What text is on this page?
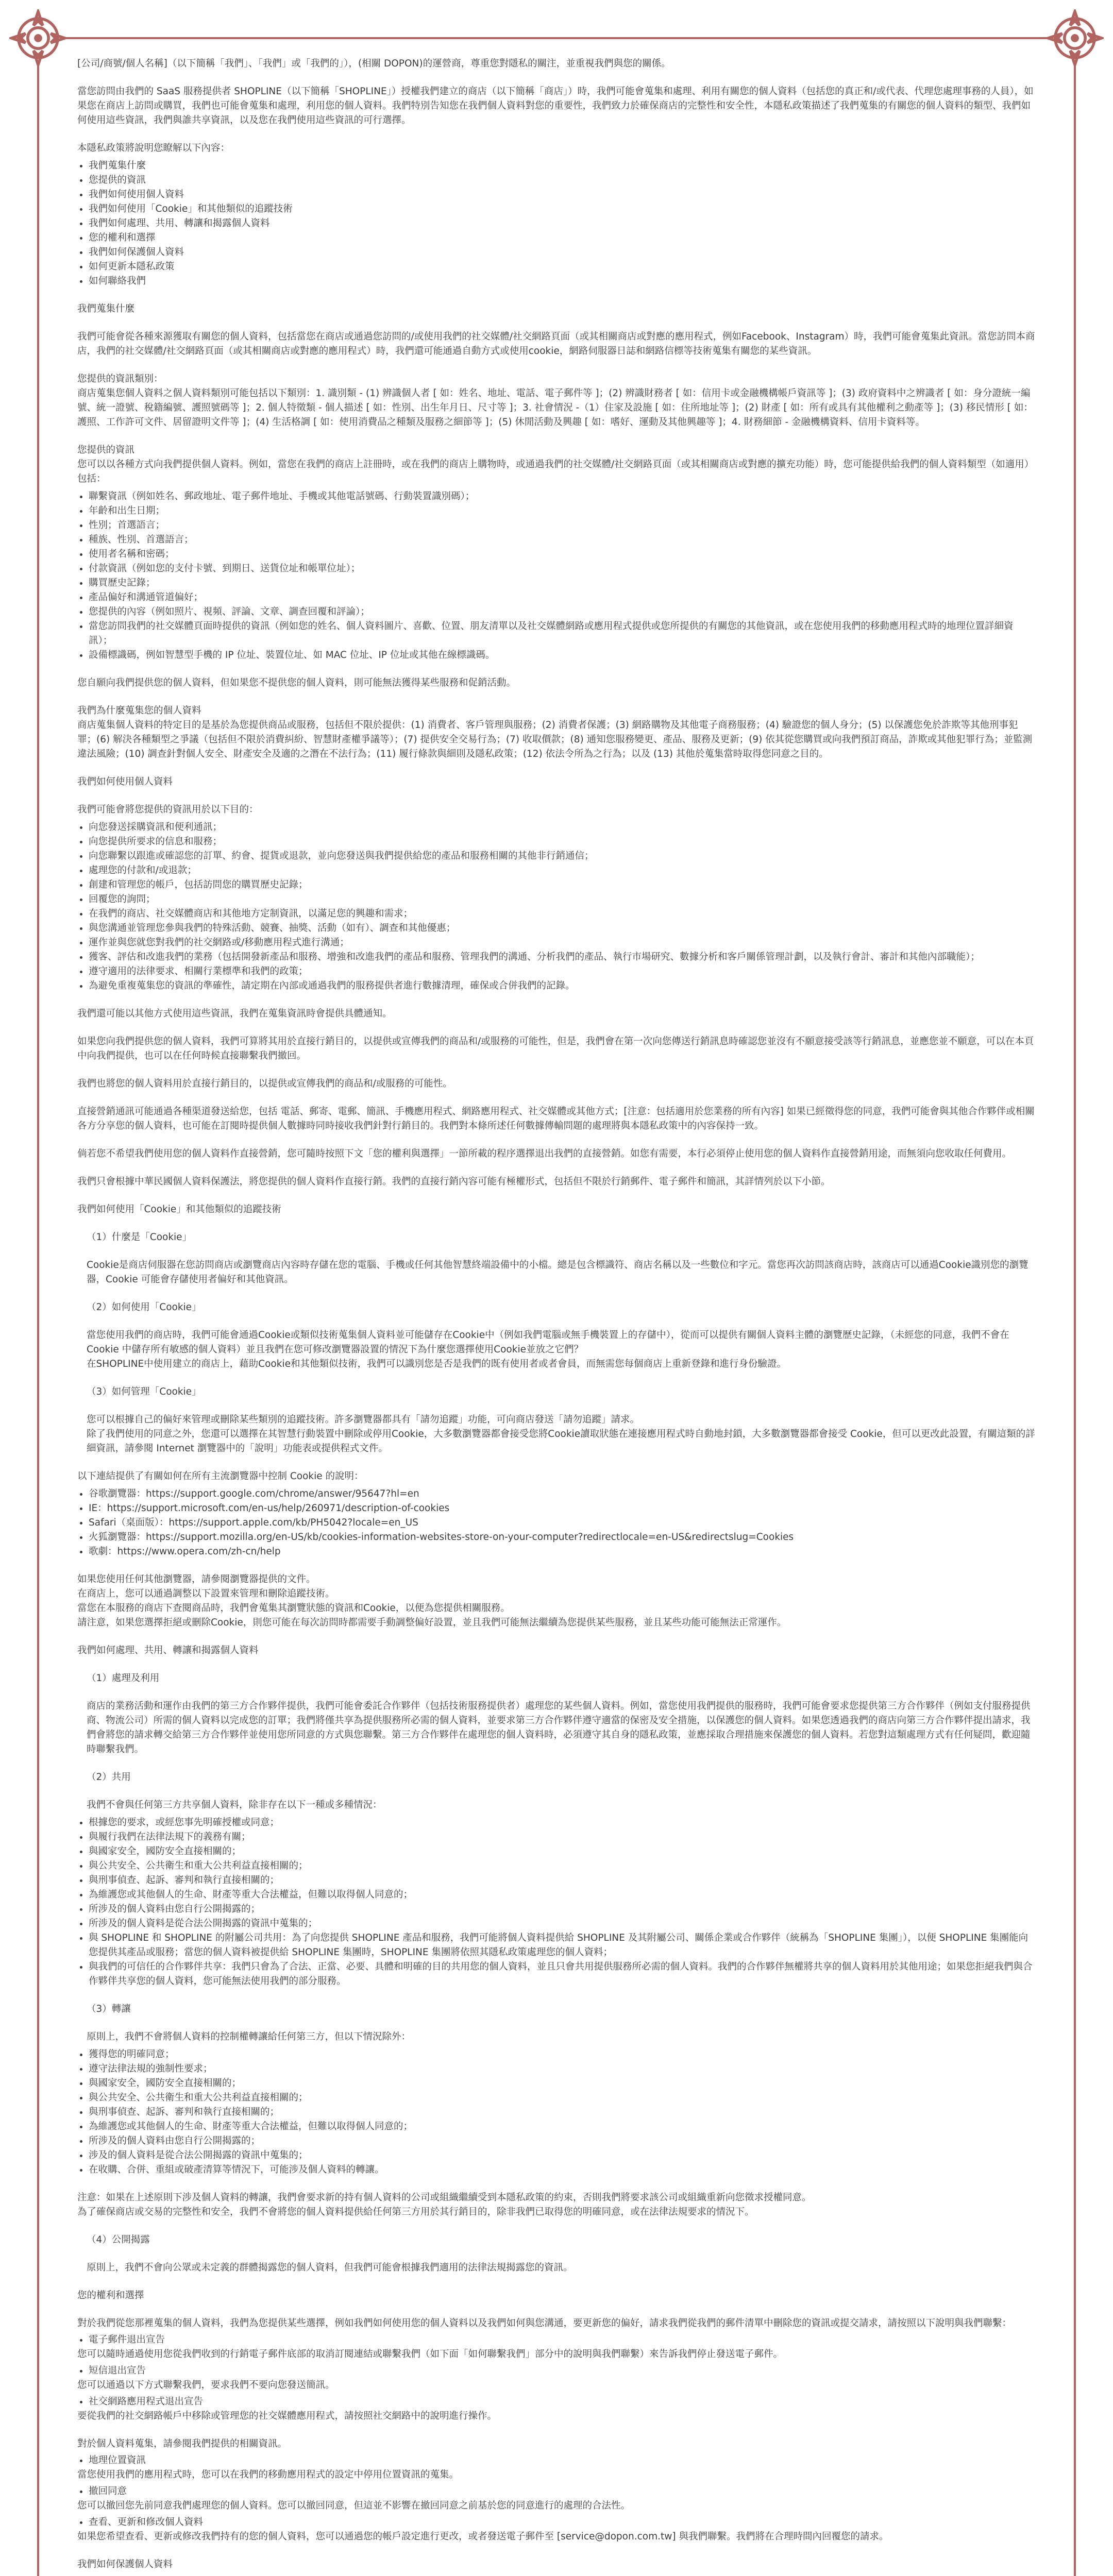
[公司/商號/個人名稱]（以下簡稱「我們」、「我們」或「我們的」），(相關 DOPON)的運營商，尊重您對隱私的關注，並重視我們與您的關係。

當您訪問由我們的 SaaS 服務提供者 SHOPLINE（以下簡稱「SHOPLINE」）授權我們建立的商店（以下簡稱「商店」）時，我們可能會蒐集和處理、利用有關您的個人資料（包括您的真正和/或代表、代理您處理事務的人員），如果您在商店上訪問或購買，我們也可能會蒐集和處理，利用您的個人資料。我們特別告知您在我們個人資料對您的重要性，我們致力於確保商店的完整性和安全性，本隱私政策描述了我們蒐集的有關您的個人資料的類型、我們如何使用這些資訊，我們與誰共享資訊，以及您在我們使用這些資訊的可行選擇。

本隱私政策將說明您瞭解以下內容：

• 我們蒐集什麼
• 您提供的資訊
• 我們如何使用個人資料
• 我們如何使用「Cookie」和其他類似的追蹤技術
• 我們如何處理、共用、轉讓和揭露個人資料
• 您的權利和選擇
• 我們如何保護個人資料
• 如何更新本隱私政策
• 如何聯絡我們

我們蒐集什麼

我們可能會從各種來源獲取有關您的個人資料，包括當您在商店或通過您訪問的/或使用我們的社交媒體/社交網路頁面（或其相關商店或對應的應用程式，例如Facebook、Instagram）時，我們可能會蒐集此資訊。當您訪問本商店，我們的社交媒體/社交網路頁面（或其相關商店或對應的應用程式）時，我們還可能通過自動方式或使用cookie，網路伺服器日誌和網路信標等技術蒐集有關您的某些資訊。

您提供的資訊類別：
商店蒐集您個人資料之個人資料類別可能包括以下類別：1. 識別類 - (1) 辨識個人者 [ 如：姓名、地址、電話、電子郵件等 ]；(2) 辨識財務者 [ 如：信用卡或金融機構帳戶資訊等 ]；(3) 政府資料中之辨識者 [ 如：身分證統一編號、統一證號、稅籍編號、護照號碼等 ]；2. 個人特徵類 - 個人描述 [ 如：性別、出生年月日、尺寸等 ]；3. 社會情況 -（1）住家及設施 [ 如：住所地址等 ]；(2) 財產 [ 如：所有或具有其他權利之動產等 ]；(3) 移民情形 [ 如：護照、工作許可文件、居留證明文件等 ]；(4) 生活格調 [ 如：使用消費品之種類及服務之細節等 ]；(5) 休閒活動及興趣 [ 如：嗜好、運動及其他興趣等 ]；4. 財務細節 - 金融機構資料、信用卡資料等。

您提供的資訊
您可以以各種方式向我們提供個人資料。例如，當您在我們的商店上註冊時，或在我們的商店上購物時，或通過我們的社交媒體/社交網路頁面（或其相關商店或對應的擴充功能）時，您可能提供給我們的個人資料類型（如適用）包括：

• 聯繫資訊（例如姓名、郵政地址、電子郵件地址、手機或其他電話號碼、行動裝置識別碼）；
• 年齡和出生日期；
• 性別；首選語言；
• 種族、性別、首選語言；
• 使用者名稱和密碼；
• 付款資訊（例如您的支付卡號、到期日、送貨位址和帳單位址）；
• 購買歷史記錄；
• 產品偏好和溝通管道偏好；
• 您提供的內容（例如照片、視頻、評論、文章、調查回覆和評論）；
• 當您訪問我們的社交媒體頁面時提供的資訊（例如您的姓名、個人資料圖片、喜歡、位置、朋友清單以及社交媒體網路或應用程式提供或您所提供的有關您的其他資訊，或在您使用我們的移動應用程式時的地理位置詳細資訊）；
• 設備標識碼，例如智慧型手機的 IP 位址、裝置位址、如 MAC 位址、IP 位址或其他在線標識碼。

您自願向我們提供您的個人資料，但如果您不提供您的個人資料，則可能無法獲得某些服務和促銷活動。

我們為什麼蒐集您的個人資料
商店蒐集個人資料的特定目的是基於為您提供商品或服務，包括但不限於提供：(1) 消費者、客戶管理與服務；(2) 消費者保護；(3) 網路購物及其他電子商務服務；(4) 驗證您的個人身分；(5) 以保護您免於詐欺等其他刑事犯罪；(6) 解決各種類型之爭議（包括但不限於消費糾紛、智慧財產權爭議等）；(7) 提供安全交易行為；(7) 收取價款；(8) 通知您服務變更、產品、服務及更新；(9) 依其從您購買或向我們預訂商品，詐欺或其他犯罪行為；並監測違法風險；(10) 調查針對個人安全、財產安全及適的之潛在不法行為；(11) 履行條款與細則及隱私政策；(12) 依法令所為之行為；以及 (13) 其他於蒐集當時取得您同意之目的。

我們如何使用個人資料

我們可能會將您提供的資訊用於以下目的：

• 向您發送採購資訊和便利通訊；
• 向您提供所要求的信息和服務；
• 向您聯繫以跟進或確認您的訂單、約會、提貨或退款，並向您發送與我們提供給您的產品和服務相關的其他非行銷通信；
• 處理您的付款和/或退款；
• 創建和管理您的帳戶，包括訪問您的購買歷史記錄；
• 回覆您的詢問；
• 在我們的商店、社交媒體商店和其他地方定制資訊，以滿足您的興趣和需求；
• 與您溝通並管理您參與我們的特殊活動、競賽、抽獎、活動（如有）、調查和其他優惠；
• 運作並與您就您對我們的社交網路或/移動應用程式進行溝通；
• 獲客、評估和改進我們的業務（包括開發新產品和服務、增強和改進我們的產品和服務、管理我們的溝通、分析我們的產品、執行市場研究、數據分析和客戶關係管理計劃，以及執行會計、審計和其他內部職能）；
• 遵守適用的法律要求、相關行業標準和我們的政策；
• 為避免重複蒐集您的資訊的準確性，請定期在內部或通過我們的服務提供者進行數據清理，確保或合併我們的記錄。

我們還可能以其他方式使用這些資訊，我們在蒐集資訊時會提供具體通知。

如果您向我們提供您的個人資料，我們可算將其用於直接行銷目的，以提供或宣傳我們的商品和/或服務的可能性，但是，我們會在第一次向您傳送行銷訊息時確認您並沒有不願意接受該等行銷訊息，並應您並不願意，可以在本頁中向我們提供，也可以在任何時候直接聯繫我們撤回。

我們也將您的個人資料用於直接行銷目的，以提供或宣傳我們的商品和/或服務的可能性。

直接營銷通訊可能通過各種渠道發送給您，包括 電話、郵寄、電郵、簡訊、手機應用程式、網路應用程式、社交媒體或其他方式；[注意：包括適用於您業務的所有內容] 如果已經徵得您的同意，我們可能會與其他合作夥伴或相關各方分享您的個人資料，也可能在訂閱時提供個人數據時同時接收我們針對行銷目的。我們對本條所述任何數據傳輸問題的處理將與本隱私政策中的內容保持一致。

倘若您不希望我們使用您的個人資料作直接營銷，您可隨時按照下文「您的權利與選擇」一節所載的程序選擇退出我們的直接營銷。如您有需要，本行必須停止使用您的個人資料作直接營銷用途，而無須向您收取任何費用。

我們只會根據中華民國個人資料保護法，將您提供的個人資料作直接行銷。我們的直接行銷內容可能有極權形式，包括但不限於行銷郵件、電子郵件和簡訊，其詳情列於以下小節。

我們如何使用「Cookie」和其他類似的追蹤技術

（1）什麼是「Cookie」

Cookie是商店伺服器在您訪問商店或瀏覽商店內容時存儲在您的電腦、手機或任何其他智慧終端設備中的小檔。總是包含標識符、商店名稱以及一些數位和字元。當您再次訪問該商店時，該商店可以通過Cookie識別您的瀏覽器，Cookie 可能會存儲使用者偏好和其他資訊。

（2）如何使用「Cookie」

當您使用我們的商店時，我們可能會通過Cookie或類似技術蒐集個人資料並可能儲存在Cookie中（例如我們電腦或無手機裝置上的存儲中），從而可以提供有關個人資料主體的瀏覽歷史記錄，（未經您的同意，我們不會在 Cookie 中儲存所有敏感的個人資料）並且我們在您可修改瀏覽器設置的情況下為什麼您選擇使用Cookie並放之它們？
在SHOPLINE中使用建立的商店上，藉助Cookie和其他類似技術，我們可以識別您是否是我們的既有使用者或者會員，而無需您每個商店上重新登錄和進行身份驗證。

（3）如何管理「Cookie」

您可以根據自己的偏好來管理或刪除某些類別的追蹤技術。許多瀏覽器都具有「請勿追蹤」功能，可向商店發送「請勿追蹤」請求。
除了我們使用的同意之外，您還可以選擇在其智慧行動裝置中刪除或停用Cookie，大多數瀏覽器都會接受您將Cookie讀取狀態在連接應用程式時自動地封鎖，大多數瀏覽器都會接受 Cookie，但可以更改此設置，有關這類的詳細資訊，請參閱 Internet 瀏覽器中的「說明」功能表或提供程式文件。

以下連結提供了有關如何在所有主流瀏覽器中控制 Cookie 的說明：

• 谷歌瀏覽器：https://support.google.com/chrome/answer/95647?hl=en
• IE：https://support.microsoft.com/en-us/help/260971/description-of-cookies
• Safari（桌面版）：https://support.apple.com/kb/PH5042?locale=en_US
• 火狐瀏覽器：https://support.mozilla.org/en-US/kb/cookies-information-websites-store-on-your-computer?redirectlocale=en-US&redirectslug=Cookies
• 歌劇：https://www.opera.com/zh-cn/help

如果您使用任何其他瀏覽器，請參閱瀏覽器提供的文件。
在商店上，您可以通過調整以下設置來管理和刪除追蹤技術。
當您在本服務的商店下查閱商品時，我們會蒐集其瀏覽狀態的資訊和Cookie，以便為您提供相關服務。
請注意，如果您選擇拒絕或刪除Cookie，則您可能在每次訪問時都需要手動調整偏好設置，並且我們可能無法繼續為您提供某些服務，並且某些功能可能無法正常運作。

我們如何處理、共用、轉讓和揭露個人資料

（1）處理及利用

商店的業務活動和運作由我們的第三方合作夥伴提供，我們可能會委託合作夥伴（包括技術服務提供者）處理您的某些個人資料。例如，當您使用我們提供的服務時，我們可能會要求您提供第三方合作夥伴（例如支付服務提供商、物流公司）所需的個人資料以完成您的訂單；我們將僅共享為提供服務所必需的個人資料，並要求第三方合作夥伴遵守適當的保密及安全措施，以保護您的個人資料。如果您透過我們的商店向第三方合作夥伴提出請求，我們會將您的請求轉交給第三方合作夥伴並使用您所同意的方式與您聯繫。第三方合作夥伴在處理您的個人資料時，必須遵守其自身的隱私政策，並應採取合理措施來保護您的個人資料。若您對這類處理方式有任何疑問，歡迎隨時聯繫我們。

（2）共用

我們不會與任何第三方共享個人資料，除非存在以下一種或多種情況：

• 根據您的要求，或經您事先明確授權或同意；
• 與履行我們在法律法規下的義務有關；
• 與國家安全，國防安全直接相關的；
• 與公共安全、公共衛生和重大公共利益直接相關的；
• 與刑事偵查、起訴、審判和執行直接相關的；
• 為維護您或其他個人的生命、財產等重大合法權益，但難以取得個人同意的；
• 所涉及的個人資料由您自行公開揭露的；
• 所涉及的個人資料是從合法公開揭露的資訊中蒐集的；
• 與 SHOPLINE 和 SHOPLINE 的附屬公司共用：為了向您提供 SHOPLINE 產品和服務，我們可能將個人資料提供給 SHOPLINE 及其附屬公司、關係企業或合作夥伴（統稱為「SHOPLINE 集團」），以便 SHOPLINE 集團能向您提供其產品或服務；當您的個人資料被提供給 SHOPLINE 集團時，SHOPLINE 集團將依照其隱私政策處理您的個人資料；
• 與我們的可信任的合作夥伴共享：我們只會為了合法、正當、必要、具體和明確的目的共用您的個人資料，並且只會共用提供服務所必需的個人資料。我們的合作夥伴無權將共享的個人資料用於其他用途；如果您拒絕我們與合作夥伴共享您的個人資料，您可能無法使用我們的部分服務。

（3）轉讓

原則上，我們不會將個人資料的控制權轉讓給任何第三方，但以下情況除外：

• 獲得您的明確同意；
• 遵守法律法規的強制性要求；
• 與國家安全，國防安全直接相關的；
• 與公共安全、公共衛生和重大公共利益直接相關的；
• 與刑事偵查、起訴、審判和執行直接相關的；
• 為維護您或其他個人的生命、財產等重大合法權益，但難以取得個人同意的；
• 所涉及的個人資料由您自行公開揭露的；
• 涉及的個人資料是從合法公開揭露的資訊中蒐集的；
• 在收購、合併、重組或破產清算等情況下，可能涉及個人資料的轉讓。

注意：如果在上述原則下涉及個人資料的轉讓，我們會要求新的持有個人資料的公司或組織繼續受到本隱私政策的約束，否則我們將要求該公司或組織重新向您徵求授權同意。
為了確保商店或交易的完整性和安全，我們不會將您的個人資料提供給任何第三方用於其行銷目的，除非我們已取得您的明確同意，或在法律法規要求的情況下。

（4）公開揭露

原則上，我們不會向公眾或未定義的群體揭露您的個人資料，但我們可能會根據我們適用的法律法規揭露您的資訊。

您的權利和選擇

對於我們從您那裡蒐集的個人資料，我們為您提供某些選擇，例如我們如何使用您的個人資料以及我們如何與您溝通，要更新您的偏好，請求我們從我們的郵件清單中刪除您的資訊或提交請求，請按照以下說明與我們聯繫：

• 電子郵件退出宣告

您可以隨時通過使用您從我們收到的行銷電子郵件底部的取消訂閱連結或聯繫我們（如下面「如何聯繫我們」部分中的說明與我們聯繫）來告訴我們停止發送電子郵件。

• 短信退出宣告

您可以通過以下方式聯繫我們，要求我們不要向您發送簡訊。

• 社交網路應用程式退出宣告

要從我們的社交網路帳戶中移除或管理您的社交媒體應用程式，請按照社交網路中的說明進行操作。

對於個人資料蒐集，請參閱我們提供的相關資訊。

• 地理位置資訊

當您使用我們的應用程式時，您可以在我們的移動應用程式的設定中停用位置資訊的蒐集。

• 撤回同意

您可以撤回您先前同意我們處理您的個人資料。您可以撤回同意，但這並不影響在撤回同意之前基於您的同意進行的處理的合法性。

• 查看、更新和修改個人資料

如果您希望查看、更新或修改我們持有的您的個人資料，您可以通過您的帳戶設定進行更改，或者發送電子郵件至 [service@dopon.com.tw] 與我們聯繫。我們將在合理時間內回覆您的請求。

我們如何保護個人資料
